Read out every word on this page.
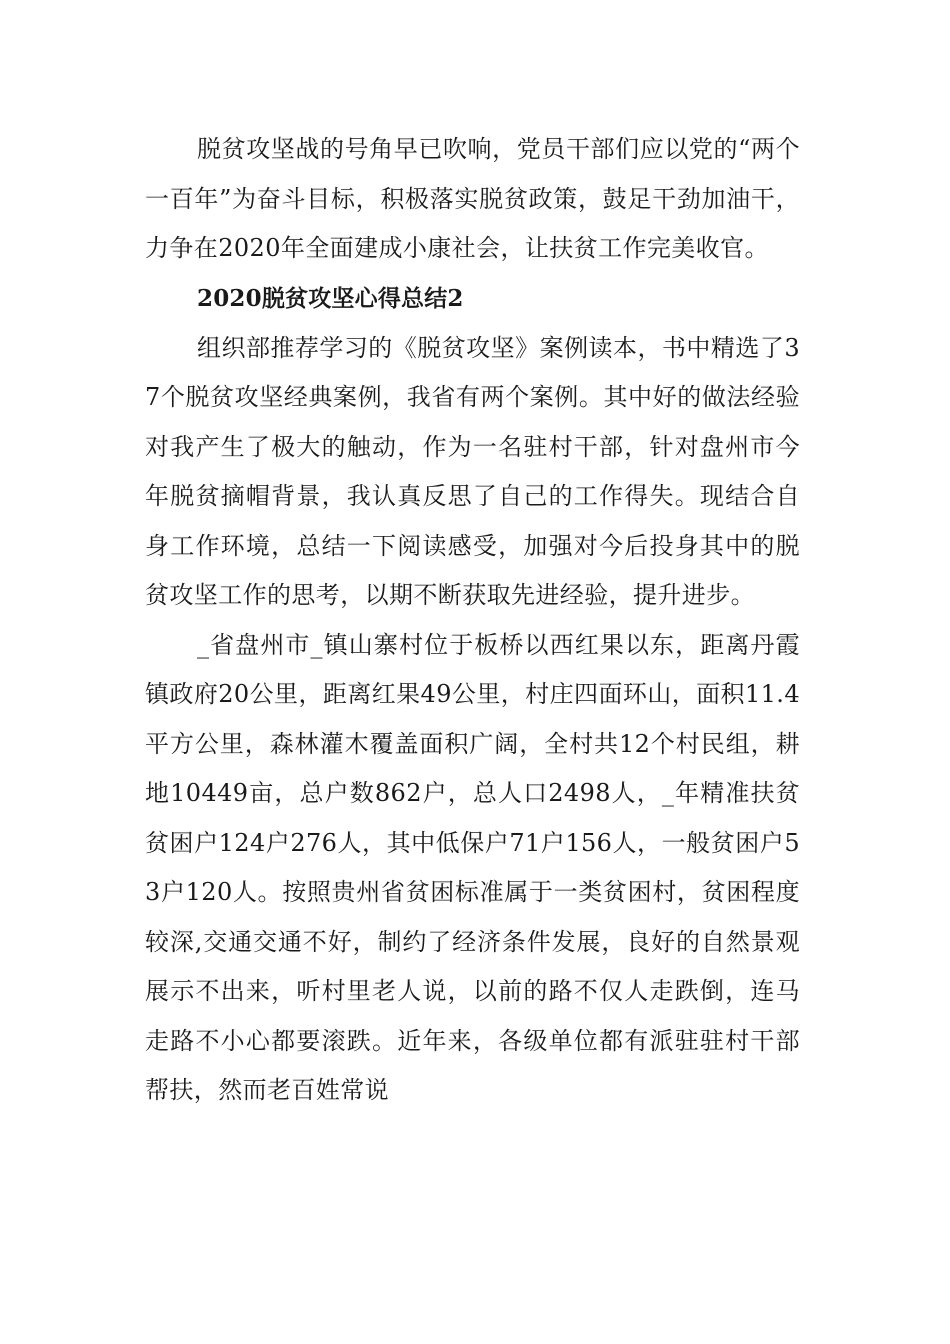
脱贫攻坚战的号角早已吹响，党员干部们应以党的“两个一百年”为奋斗目标，积极落实脱贫政策，鼓足干劲加油干，力争在2020年全面建成小康社会，让扶贫工作完美收官。

2020脱贫攻坚心得总结2

组织部推荐学习的《脱贫攻坚》案例读本，书中精选了37个脱贫攻坚经典案例，我省有两个案例。其中好的做法经验对我产生了极大的触动，作为一名驻村干部，针对盘州市今年脱贫摘帽背景，我认真反思了自己的工作得失。现结合自身工作环境，总结一下阅读感受，加强对今后投身其中的脱贫攻坚工作的思考，以期不断获取先进经验，提升进步。

_省盘州市_镇山寨村位于板桥以西红果以东，距离丹霞镇政府20公里，距离红果49公里，村庄四面环山，面积11.4平方公里，森林灌木覆盖面积广阔，全村共12个村民组，耕地10449亩，总户数862户，总人口2498人，_年精准扶贫贫困户124户276人，其中低保户71户156人，一般贫困户53户120人。按照贵州省贫困标准属于一类贫困村，贫困程度较深,交通交通不好，制约了经济条件发展，良好的自然景观展示不出来，听村里老人说，以前的路不仅人走跌倒，连马走路不小心都要滚跌。近年来，各级单位都有派驻驻村干部帮扶，然而老百姓常说
